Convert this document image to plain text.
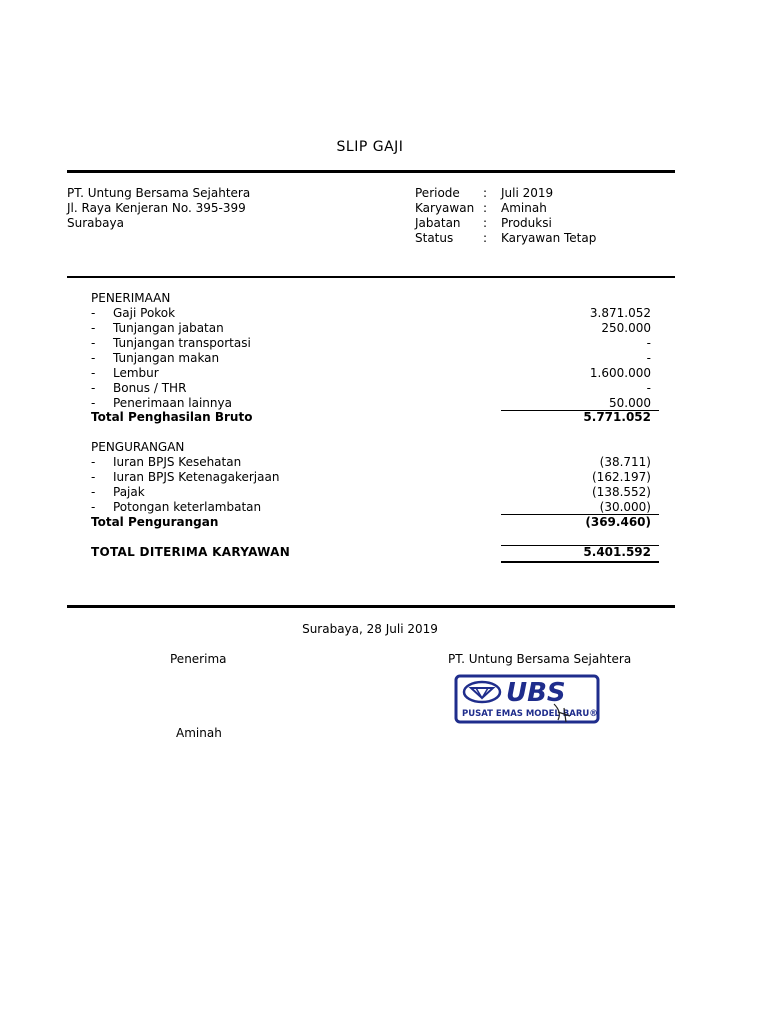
SLIP GAJI
PT. Untung Bersama Sejahtera
Jl. Raya Kenjeran No. 395-399
Surabaya
Periode : Juli 2019
Karyawan : Aminah
Jabatan : Produksi
Status : Karyawan Tetap
PENERIMAAN
- Gaji Pokok	3.871.052
- Tunjangan jabatan	250.000
- Tunjangan transportasi	-
- Tunjangan makan	-
- Lembur	1.600.000
- Bonus / THR	-
- Penerimaan lainnya	50.000
Total Penghasilan Bruto	5.771.052
PENGURANGAN
- Iuran BPJS Kesehatan	(38.711)
- Iuran BPJS Ketenagakerjaan	(162.197)
- Pajak	(138.552)
- Potongan keterlambatan	(30.000)
Total Pengurangan	(369.460)
TOTAL DITERIMA KARYAWAN	5.401.592
Surabaya, 28 Juli 2019
Penerima	PT. Untung Bersama Sejahtera
UBS
PUSAT EMAS MODEL BARU®
Aminah
